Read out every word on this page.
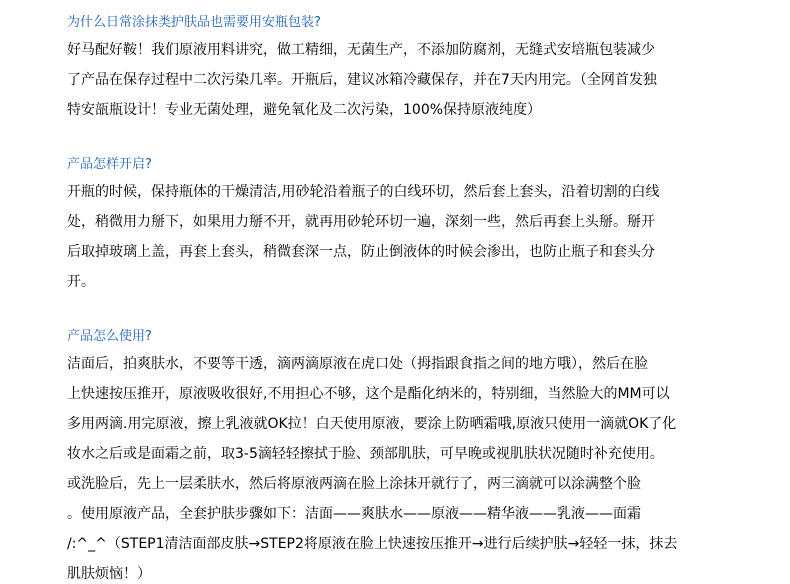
为什么日常涂抹类护肤品也需要用安瓶包装?

好马配好鞍！我们原液用料讲究，做工精细，无菌生产，不添加防腐剂，无缝式安培瓶包装减少
了产品在保存过程中二次污染几率。开瓶后，建议冰箱冷藏保存，并在7天内用完。（全网首发独
特安瓿瓶设计！专业无菌处理，避免氧化及二次污染，100%保持原液纯度）

产品怎样开启?

开瓶的时候，保持瓶体的干燥清洁,用砂轮沿着瓶子的白线环切，然后套上套头，沿着切割的白线
处，稍微用力掰下，如果用力掰不开，就再用砂轮环切一遍，深刻一些，然后再套上头掰。掰开
后取掉玻璃上盖，再套上套头，稍微套深一点，防止倒液体的时候会渗出，也防止瓶子和套头分
开。

产品怎么使用?

洁面后，拍爽肤水，不要等干透，滴两滴原液在虎口处（拇指跟食指之间的地方哦），然后在脸
上快速按压推开，原液吸收很好,不用担心不够，这个是酯化纳米的，特别细，当然脸大的MM可以
多用两滴.用完原液，擦上乳液就OK拉！白天使用原液，要涂上防晒霜哦,原液只使用一滴就OK了化
妆水之后或是面霜之前，取3-5滴轻轻擦拭于脸、颈部肌肤，可早晚或视肌肤状况随时补充使用。
或洗脸后，先上一层柔肤水，然后将原液两滴在脸上涂抹开就行了，两三滴就可以涂满整个脸
。使用原液产品，全套护肤步骤如下：洁面——爽肤水——原液——精华液——乳液——面霜
/:^_^（STEP1清洁面部皮肤→STEP2将原液在脸上快速按压推开→进行后续护肤→轻轻一抹，抹去
肌肤烦恼！）
